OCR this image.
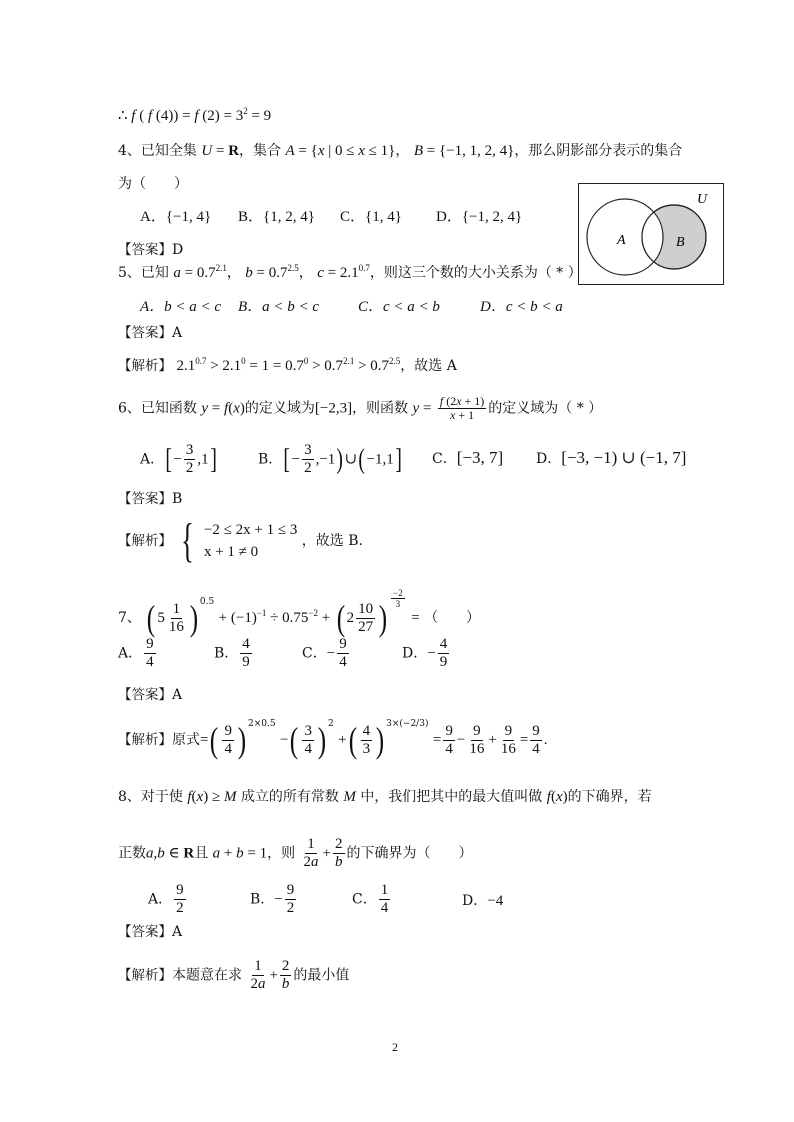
∴ f ( f (4)) = f $(2) = 3^2 = 9$
4、已知全集 U = R，集合 A = {x | 0 ≤ x ≤ 1}， B = {−1, 1, 2, 4}，那么阴影部分表示的集合
为（　　）
A．{−1, 4} B．{1, 2, 4} C．{1, 4} D．{−1, 2, 4}
【答案】D
U
A	B
5、已知 $a = 0.7^{2.1}$， $b = 0.7^{2.5}$， $c = 2.1^{0.7}$，则这三个数的大小关系为（ * ）
A．b < a < c B．a < b < c	C．c < a < b	D．c < b < a
【答案】A
【解析】 $2.1^{0.7} > 2.1^0 = 1 = 0.7^0 > 0.7^{2.1} > 0.7^{2.5}$，故选 A
6、已知函数 y = f(x)的定义域为[−2,3]，则函数 $y = \frac{f (2x + 1)}{x + 1}$ 的定义域为（ * ）
A．[− $\frac{3}{2} ,1$]	B．[− $\frac{3}{2}$ ,−1)∪(−1,1] C．[−3, 7] D．[−3, −1) ∪ (−1, 7]
【答案】B
【解析】 { −2 ≤ 2x + 1 ≤ 3
x + 1 ≠ 0
，故选 B.
7、 ( $5 \frac{1}{16}$ ) $^{0.5} + (-1)^{-1} \div 0.75^{-2}$ + ( $2 \frac{10}{27}$ ) $\frac{-2}{3}$
= （　　）
A． $\frac{9}{4}$	B． $\frac{4}{9}$	C．− $\frac{9}{4}$	D．− $\frac{4}{9}$
【答案】A
【解析】原式=( $\frac{9}{4}$ ) $^{2\times 0.5}$ −( $\frac{3}{4}$ ) $^2$ +( $\frac{4}{3}$ ) $^{3\times(-2/3)} = \frac{9}{4} - \frac{9}{16} + \frac{9}{16} = \frac{9}{4}$ .
8、对于使 f(x) ≥ M 成立的所有常数 M 中，我们把其中的最大值叫做 f(x)的下确界，若
正数a,b ∈ R且 a + b = 1，则 $\frac{1}{2a} + \frac{2}{b}$ 的下确界为（　　）
A． $\frac{9}{2}$	B．− $\frac{9}{2}$	C． $\frac{1}{4}$	D．−4
【答案】A
【解析】本题意在求 $\frac{1}{2a} + \frac{2}{b}$ 的最小值
2
